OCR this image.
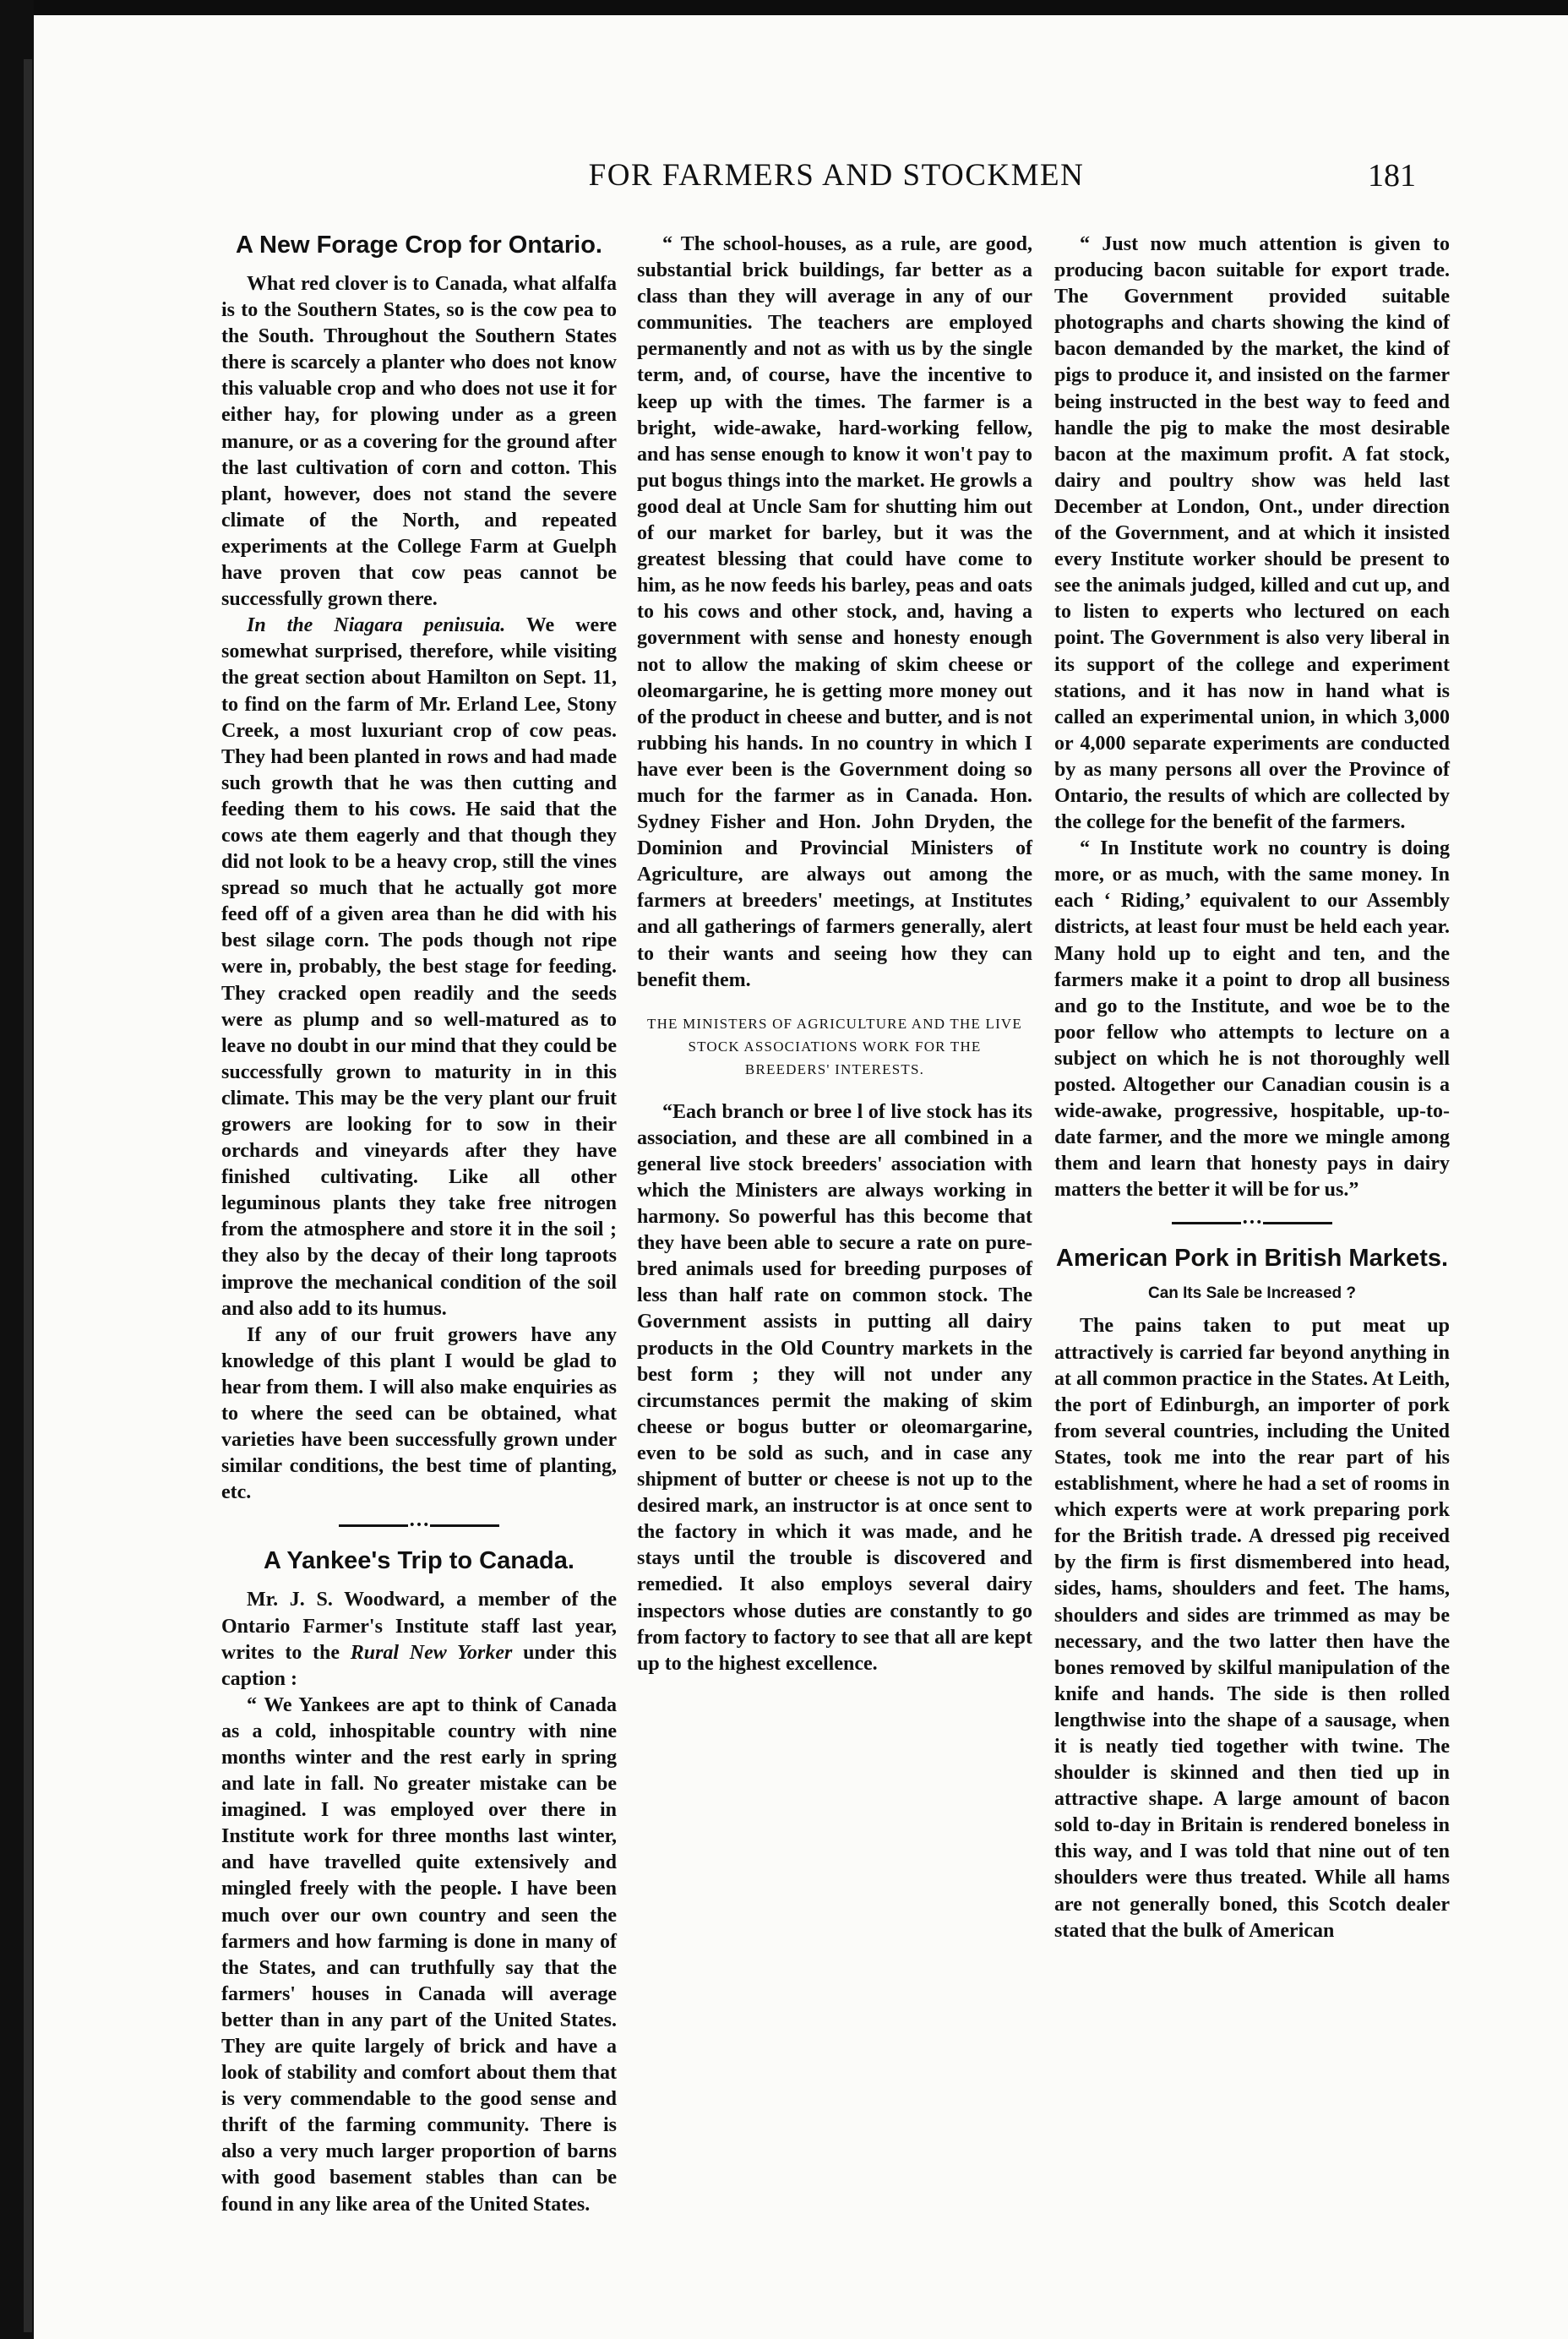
FOR FARMERS AND STOCKMEN	181
A New Forage Crop for Ontario.

What red clover is to Canada, what alfalfa is to the Southern States, so is the cow pea to the South. Throughout the Southern States there is scarcely a planter who does not know this valuable crop and who does not use it for either hay, for plowing under as a green manure, or as a covering for the ground after the last cultivation of corn and cotton. This plant, however, does not stand the severe climate of the North, and repeated experiments at the College Farm at Guelph have proven that cow peas cannot be successfully grown there.

In the Niagara peniısuia. We were somewhat surprised, therefore, while visiting the great section about Hamilton on Sept. 11, to find on the farm of Mr. Erland Lee, Stony Creek, a most luxuriant crop of cow peas. They had been planted in rows and had made such growth that he was then cutting and feeding them to his cows. He said that the cows ate them eagerly and that though they did not look to be a heavy crop, still the vines spread so much that he actually got more feed off of a given area than he did with his best silage corn. The pods though not ripe were in, probably, the best stage for feeding. They cracked open readily and the seeds were as plump and so well-matured as to leave no doubt in our mind that they could be successfully grown to maturity in in this climate. This may be the very plant our fruit growers are looking for to sow in their orchards and vineyards after they have finished cultivating. Like all other leguminous plants they take free nitrogen from the atmosphere and store it in the soil ; they also by the decay of their long taproots improve the mechanical condition of the soil and also add to its humus.

If any of our fruit growers have any knowledge of this plant I would be glad to hear from them. I will also make enquiries as to where the seed can be obtained, what varieties have been successfully grown under similar conditions, the best time of planting, etc.

•••
A Yankee's Trip to Canada.

Mr. J. S. Woodward, a member of the Ontario Farmer's Institute staff last year, writes to the Rural New Yorker under this caption :

“ We Yankees are apt to think of Canada as a cold, inhospitable country with nine months winter and the rest early in spring and late in fall. No greater mistake can be imagined. I was employed over there in Institute work for three months last winter, and have travelled quite extensively and mingled freely with the people. I have been much over our own country and seen the farmers and how farming is done in many of the States, and can truthfully say that the farmers' houses in Canada will average better than in any part of the United States. They are quite largely of brick and have a look of stability and comfort about them that is very commendable to the good sense and thrift of the farming community. There is also a very much larger proportion of barns with good basement stables than can be found in any like area of the United States.

“ The school-houses, as a rule, are good, substantial brick buildings, far better as a class than they will average in any of our communities. The teachers are employed permanently and not as with us by the single term, and, of course, have the incentive to keep up with the times. The farmer is a bright, wide-awake, hard-working fellow, and has sense enough to know it won't pay to put bogus things into the market. He growls a good deal at Uncle Sam for shutting him out of our market for barley, but it was the greatest blessing that could have come to him, as he now feeds his barley, peas and oats to his cows and other stock, and, having a government with sense and honesty enough not to allow the making of skim cheese or oleomargarine, he is getting more money out of the product in cheese and butter, and is not rubbing his hands. In no country in which I have ever been is the Government doing so much for the farmer as in Canada. Hon. Sydney Fisher and Hon. John Dryden, the Dominion and Provincial Ministers of Agriculture, are always out among the farmers at breeders' meetings, at Institutes and all gatherings of farmers generally, alert to their wants and seeing how they can benefit them.

THE MINISTERS OF AGRICULTURE AND THE LIVE STOCK ASSOCIATIONS WORK FOR THE BREEDERS' INTERESTS.

“Each branch or bree l of live stock has its association, and these are all combined in a general live stock breeders' association with which the Ministers are always working in harmony. So powerful has this become that they have been able to secure a rate on pure-bred animals used for breeding purposes of less than half rate on common stock. The Government assists in putting all dairy products in the Old Country markets in the best form ; they will not under any circumstances permit the making of skim cheese or bogus butter or oleomargarine, even to be sold as such, and in case any shipment of butter or cheese is not up to the desired mark, an instructor is at once sent to the factory in which it was made, and he stays until the trouble is discovered and remedied. It also employs several dairy inspectors whose duties are constantly to go from factory to factory to see that all are kept up to the highest excellence.

“ Just now much attention is given to producing bacon suitable for export trade. The Government provided suitable photographs and charts showing the kind of bacon demanded by the market, the kind of pigs to produce it, and insisted on the farmer being instructed in the best way to feed and handle the pig to make the most desirable bacon at the maximum profit. A fat stock, dairy and poultry show was held last December at London, Ont., under direction of the Government, and at which it insisted every Institute worker should be present to see the animals judged, killed and cut up, and to listen to experts who lectured on each point. The Government is also very liberal in its support of the college and experiment stations, and it has now in hand what is called an experimental union, in which 3,000 or 4,000 separate experiments are conducted by as many persons all over the Province of Ontario, the results of which are collected by the college for the benefit of the farmers.

“ In Institute work no country is doing more, or as much, with the same money. In each ‘ Riding,’ equivalent to our Assembly districts, at least four must be held each year. Many hold up to eight and ten, and the farmers make it a point to drop all business and go to the Institute, and woe be to the poor fellow who attempts to lecture on a subject on which he is not thoroughly well posted. Altogether our Canadian cousin is a wide-awake, progressive, hospitable, up-to-date farmer, and the more we mingle among them and learn that honesty pays in dairy matters the better it will be for us.”

•••
American Pork in British Markets.
Can Its Sale be Increased ?

The pains taken to put meat up attractively is carried far beyond anything in at all common practice in the States. At Leith, the port of Edinburgh, an importer of pork from several countries, including the United States, took me into the rear part of his establishment, where he had a set of rooms in which experts were at work preparing pork for the British trade. A dressed pig received by the firm is first dismembered into head, sides, hams, shoulders and feet. The hams, shoulders and sides are trimmed as may be necessary, and the two latter then have the bones removed by skilful manipulation of the knife and hands. The side is then rolled lengthwise into the shape of a sausage, when it is neatly tied together with twine. The shoulder is skinned and then tied up in attractive shape. A large amount of bacon sold to-day in Britain is rendered boneless in this way, and I was told that nine out of ten shoulders were thus treated. While all hams are not generally boned, this Scotch dealer stated that the bulk of American
